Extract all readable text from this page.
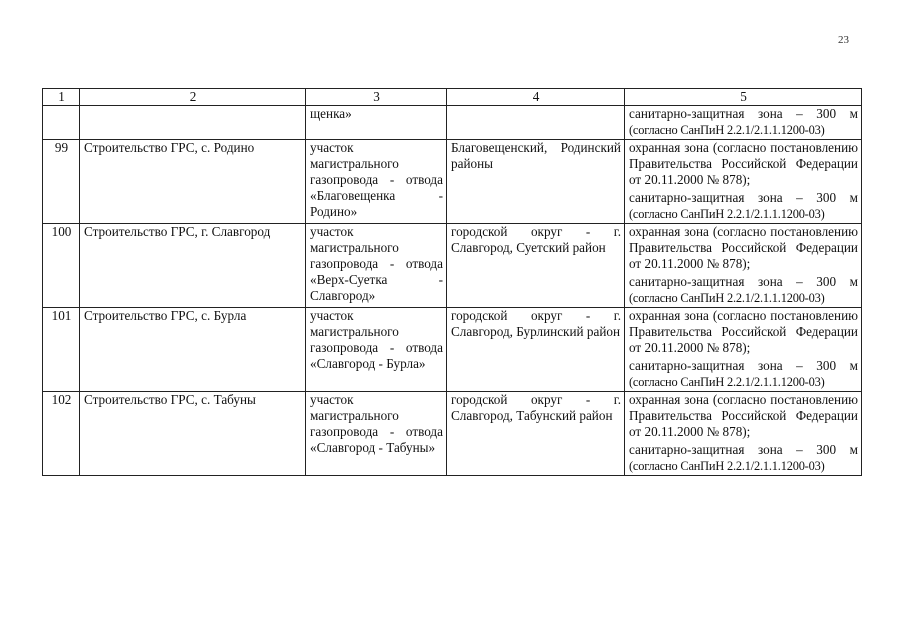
23
1	2	3	4	5
		щенка»		санитарно-защитная зона – 300 м
(согласно СанПиН 2.2.1/2.1.1.1200-03)

99	Строительство ГРС, с. Родино	участок магистрального газопровода - отвода «Благовещенка - Родино»	Благовещенский, Родинский районы	охранная зона (согласно постановлению Правительства Российской Федерации от 20.11.2000 № 878);
санитарно-защитная зона – 300 м
(согласно СанПиН 2.2.1/2.1.1.1200-03)

100	Строительство ГРС, г. Славгород	участок магистрального газопровода - отвода «Верх-Суетка - Славгород»	городской округ - г. Славгород, Суетский район	охранная зона (согласно постановлению Правительства Российской Федерации от 20.11.2000 № 878);
санитарно-защитная зона – 300 м
(согласно СанПиН 2.2.1/2.1.1.1200-03)

101	Строительство ГРС, с. Бурла	участок магистрального газопровода - отвода «Славгород - Бурла»	городской округ - г. Славгород, Бурлинский район	охранная зона (согласно постановлению Правительства Российской Федерации от 20.11.2000 № 878);
санитарно-защитная зона – 300 м
(согласно СанПиН 2.2.1/2.1.1.1200-03)

102	Строительство ГРС, с. Табуны	участок магистрального газопровода - отвода «Славгород - Табуны»	городской округ - г. Славгород, Табунский район	охранная зона (согласно постановлению Правительства Российской Федерации от 20.11.2000 № 878);
санитарно-защитная зона – 300 м
(согласно СанПиН 2.2.1/2.1.1.1200-03)
